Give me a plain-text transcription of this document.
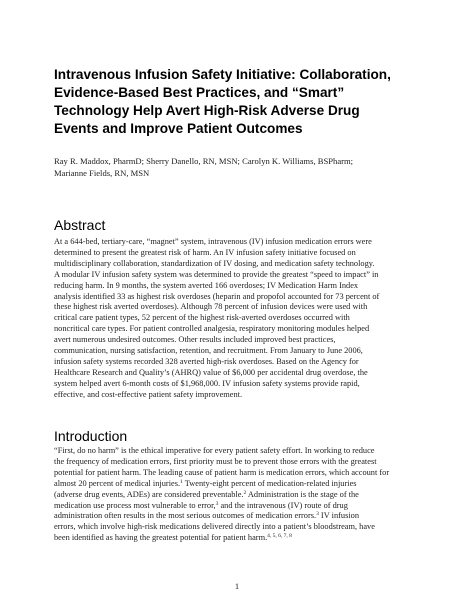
Intravenous Infusion Safety Initiative: Collaboration,
Evidence-Based Best Practices, and “Smart”
Technology Help Avert High-Risk Adverse Drug
Events and Improve Patient Outcomes
Ray R. Maddox, PharmD; Sherry Danello, RN, MSN; Carolyn K. Williams, BSPharm;
Marianne Fields, RN, MSN
Abstract
At a 644-bed, tertiary-care, “magnet” system, intravenous (IV) infusion medication errors were
determined to present the greatest risk of harm. An IV infusion safety initiative focused on
multidisciplinary collaboration, standardization of IV dosing, and medication safety technology.
A modular IV infusion safety system was determined to provide the greatest “speed to impact” in
reducing harm. In 9 months, the system averted 166 overdoses; IV Medication Harm Index
analysis identified 33 as highest risk overdoses (heparin and propofol accounted for 73 percent of
these highest risk averted overdoses). Although 78 percent of infusion devices were used with
critical care patient types, 52 percent of the highest risk-averted overdoses occurred with
noncritical care types. For patient controlled analgesia, respiratory monitoring modules helped
avert numerous undesired outcomes. Other results included improved best practices,
communication, nursing satisfaction, retention, and recruitment. From January to June 2006,
infusion safety systems recorded 328 averted high-risk overdoses. Based on the Agency for
Healthcare Research and Quality’s (AHRQ) value of $6,000 per accidental drug overdose, the
system helped avert 6-month costs of $1,968,000. IV infusion safety systems provide rapid,
effective, and cost-effective patient safety improvement.
Introduction
“First, do no harm” is the ethical imperative for every patient safety effort. In working to reduce
the frequency of medication errors, first priority must be to prevent those errors with the greatest
potential for patient harm. The leading cause of patient harm is medication errors, which account for
almost 20 percent of medical injuries.$^1$ Twenty-eight percent of medication-related injuries
(adverse drug events, ADEs) are considered preventable.$^2$ Administration is the stage of the
medication use process most vulnerable to error,$^3$ and the intravenous (IV) route of drug
administration often results in the most serious outcomes of medication errors.$^3$ IV infusion
errors, which involve high-risk medications delivered directly into a patient’s bloodstream, have
been identified as having the greatest potential for patient harm.$^{4, 5, 6, 7, 8}$
1
